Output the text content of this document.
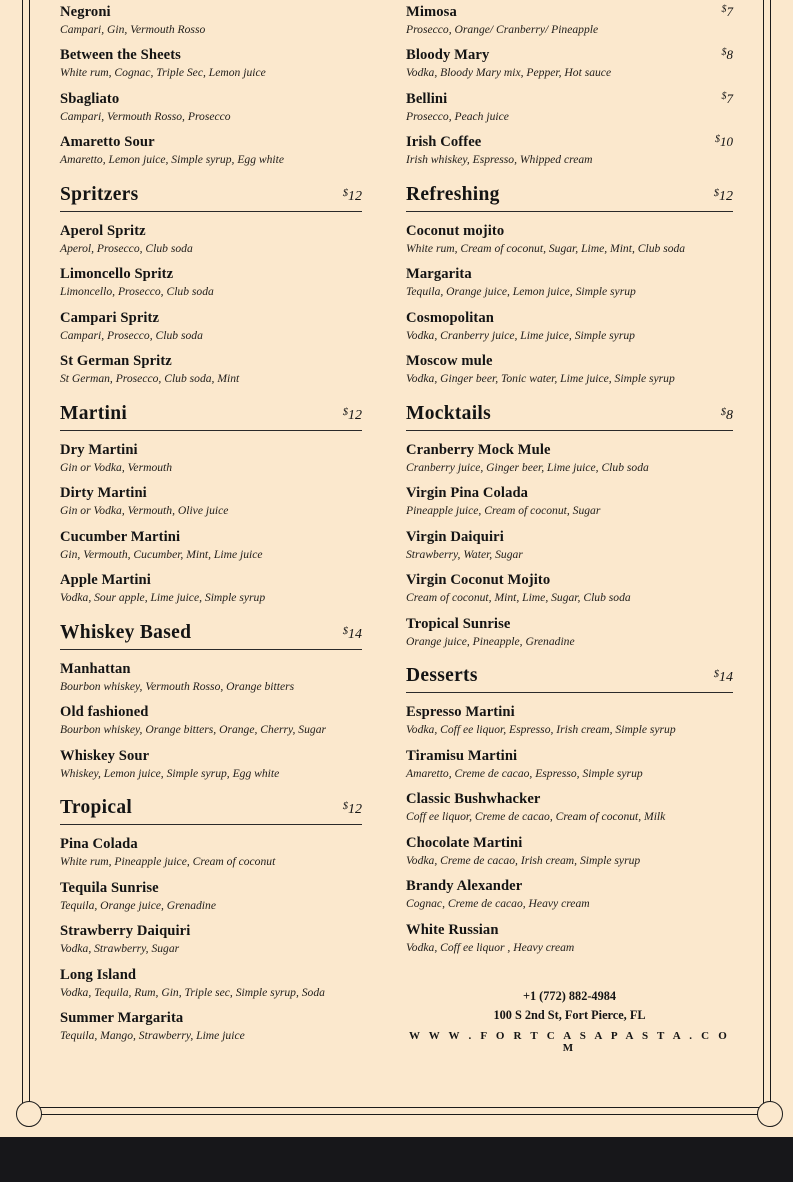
Negroni
Campari, Gin, Vermouth Rosso
Between the Sheets
White rum, Cognac, Triple Sec, Lemon juice
Sbagliato
Campari, Vermouth Rosso, Prosecco
Amaretto Sour
Amaretto, Lemon juice, Simple syrup, Egg white
Spritzers	$12
Aperol Spritz
Aperol, Prosecco, Club soda
Limoncello Spritz
Limoncello, Prosecco, Club soda
Campari Spritz
Campari, Prosecco, Club soda
St German Spritz
St German, Prosecco, Club soda, Mint
Martini	$12
Dry Martini
Gin or Vodka, Vermouth
Dirty Martini
Gin or Vodka, Vermouth, Olive juice
Cucumber Martini
Gin, Vermouth, Cucumber, Mint, Lime juice
Apple Martini
Vodka, Sour apple, Lime juice, Simple syrup
Whiskey Based	$14
Manhattan
Bourbon whiskey, Vermouth Rosso, Orange bitters
Old fashioned
Bourbon whiskey, Orange bitters, Orange, Cherry, Sugar
Whiskey Sour
Whiskey, Lemon juice, Simple syrup, Egg white
Tropical	$12
Pina Colada
White rum, Pineapple juice, Cream of coconut
Tequila Sunrise
Tequila, Orange juice, Grenadine
Strawberry Daiquiri
Vodka, Strawberry, Sugar
Long Island
Vodka, Tequila, Rum, Gin, Triple sec, Simple syrup, Soda
Summer Margarita
Tequila, Mango, Strawberry, Lime juice
Mimosa	$7
Prosecco, Orange/ Cranberry/ Pineapple
Bloody Mary	$8
Vodka, Bloody Mary mix, Pepper, Hot sauce
Bellini	$7
Prosecco, Peach juice
Irish Coffee	$10
Irish whiskey, Espresso, Whipped cream
Refreshing	$12
Coconut mojito
White rum, Cream of coconut, Sugar, Lime, Mint, Club soda
Margarita
Tequila, Orange juice, Lemon juice, Simple syrup
Cosmopolitan
Vodka, Cranberry juice, Lime juice, Simple syrup
Moscow mule
Vodka, Ginger beer, Tonic water, Lime juice, Simple syrup
Mocktails	$8
Cranberry Mock Mule
Cranberry juice, Ginger beer, Lime juice, Club soda
Virgin Pina Colada
Pineapple juice, Cream of coconut, Sugar
Virgin Daiquiri
Strawberry, Water, Sugar
Virgin Coconut Mojito
Cream of coconut, Mint, Lime, Sugar, Club soda
Tropical Sunrise
Orange juice, Pineapple, Grenadine
Desserts	$14
Espresso Martini
Vodka, Coff ee liquor, Espresso, Irish cream, Simple syrup
Tiramisu Martini
Amaretto, Creme de cacao, Espresso, Simple syrup
Classic Bushwhacker
Coff ee liquor, Creme de cacao, Cream of coconut, Milk
Chocolate Martini
Vodka, Creme de cacao, Irish cream, Simple syrup
Brandy Alexander
Cognac, Creme de cacao, Heavy cream
White Russian
Vodka, Coff ee liquor , Heavy cream
+1 (772) 882-4984
100 S 2nd St, Fort Pierce, FL
W W W . F O R T C A S A P A S T A . C O M
